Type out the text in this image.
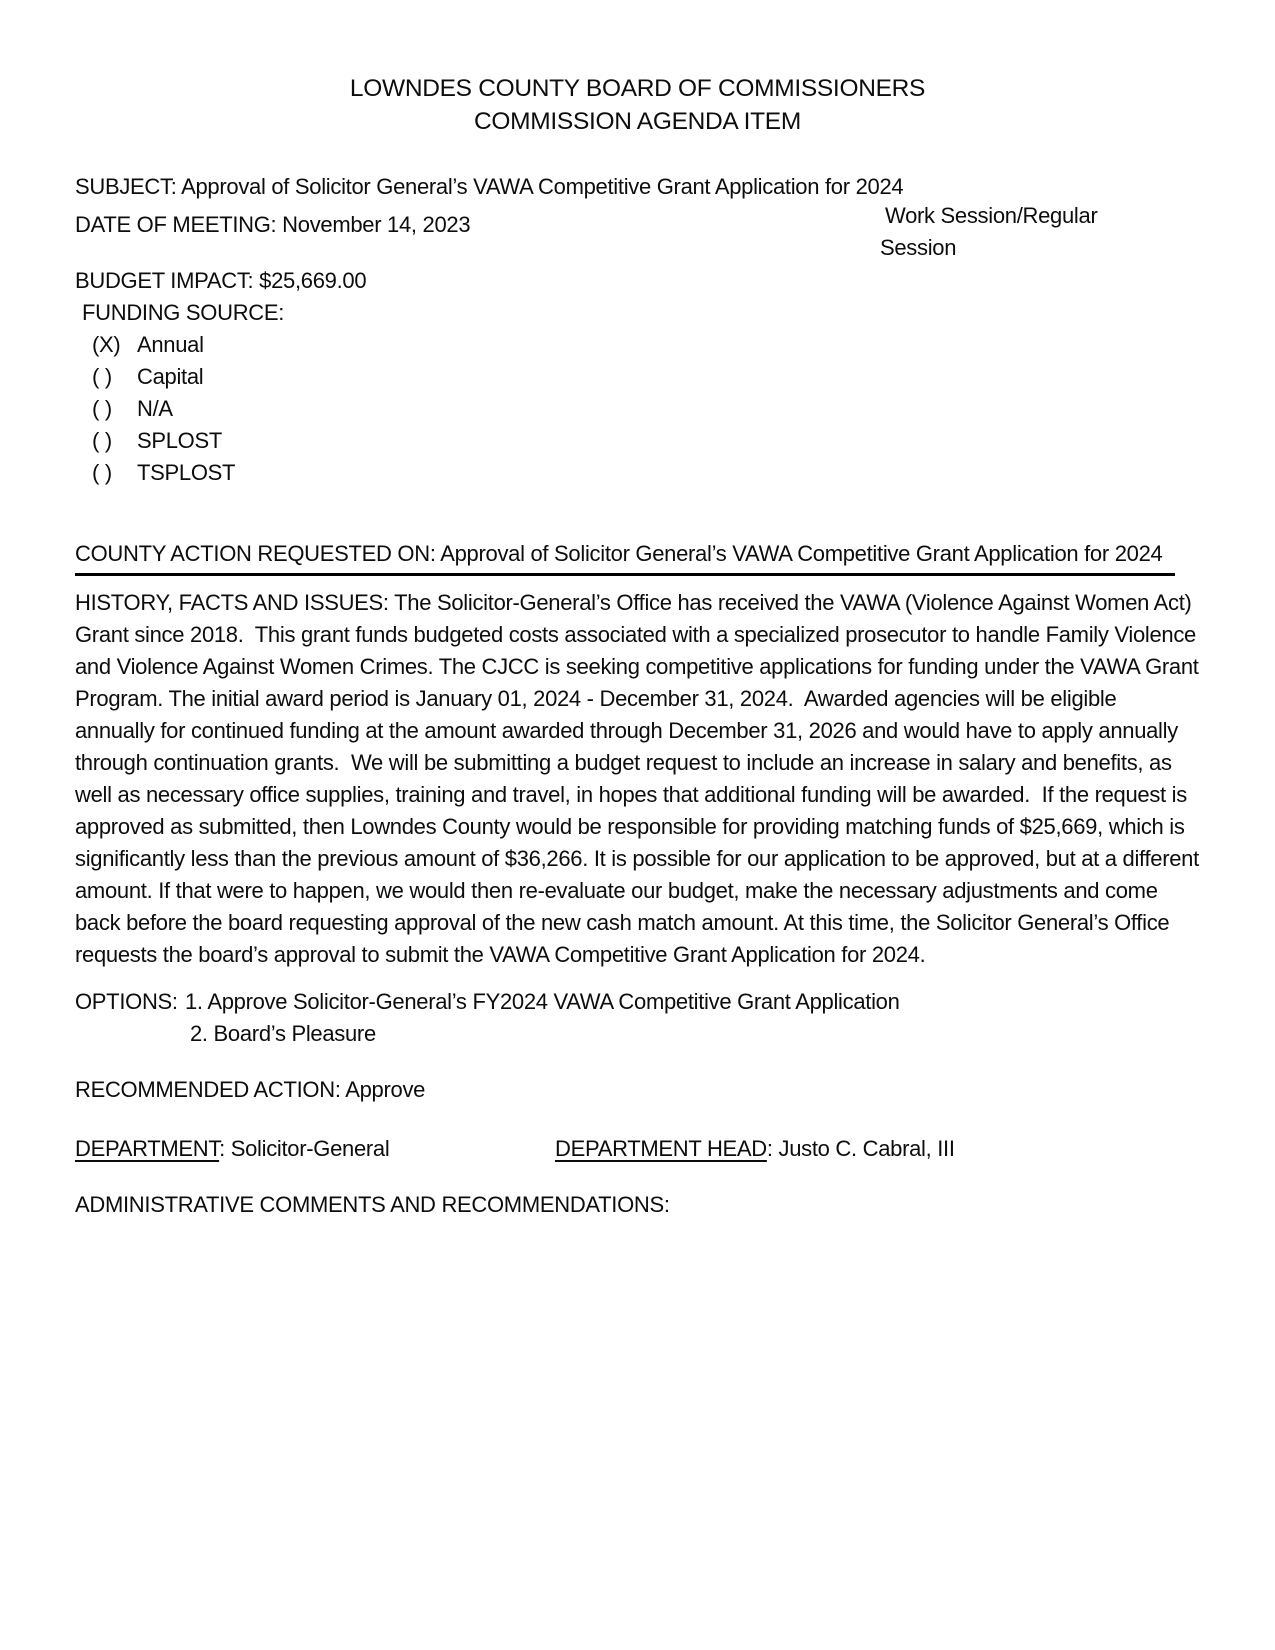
LOWNDES COUNTY BOARD OF COMMISSIONERS
COMMISSION AGENDA ITEM
SUBJECT: Approval of Solicitor General’s VAWA Competitive Grant Application for 2024
DATE OF MEETING: November 14, 2023	Work Session/Regular Session
BUDGET IMPACT: $25,669.00
FUNDING SOURCE:
(X) Annual
( )	Capital
( )	N/A
( )	SPLOST
( )	TSPLOST
COUNTY ACTION REQUESTED ON: Approval of Solicitor General’s VAWA Competitive Grant Application for 2024
HISTORY, FACTS AND ISSUES: The Solicitor-General’s Office has received the VAWA (Violence Against Women Act) Grant since 2018.  This grant funds budgeted costs associated with a specialized prosecutor to handle Family Violence and Violence Against Women Crimes. The CJCC is seeking competitive applications for funding under the VAWA Grant Program. The initial award period is January 01, 2024 - December 31, 2024.  Awarded agencies will be eligible annually for continued funding at the amount awarded through December 31, 2026 and would have to apply annually through continuation grants.  We will be submitting a budget request to include an increase in salary and benefits, as well as necessary office supplies, training and travel, in hopes that additional funding will be awarded.  If the request is approved as submitted, then Lowndes County would be responsible for providing matching funds of $25,669, which is significantly less than the previous amount of $36,266. It is possible for our application to be approved, but at a different amount. If that were to happen, we would then re-evaluate our budget, make the necessary adjustments and come back before the board requesting approval of the new cash match amount. At this time, the Solicitor General’s Office requests the board’s approval to submit the VAWA Competitive Grant Application for 2024.
OPTIONS: 1. Approve Solicitor-General’s FY2024 VAWA Competitive Grant Application
2. Board’s Pleasure
RECOMMENDED ACTION: Approve
DEPARTMENT: Solicitor-General	DEPARTMENT HEAD: Justo C. Cabral, III
ADMINISTRATIVE COMMENTS AND RECOMMENDATIONS:
